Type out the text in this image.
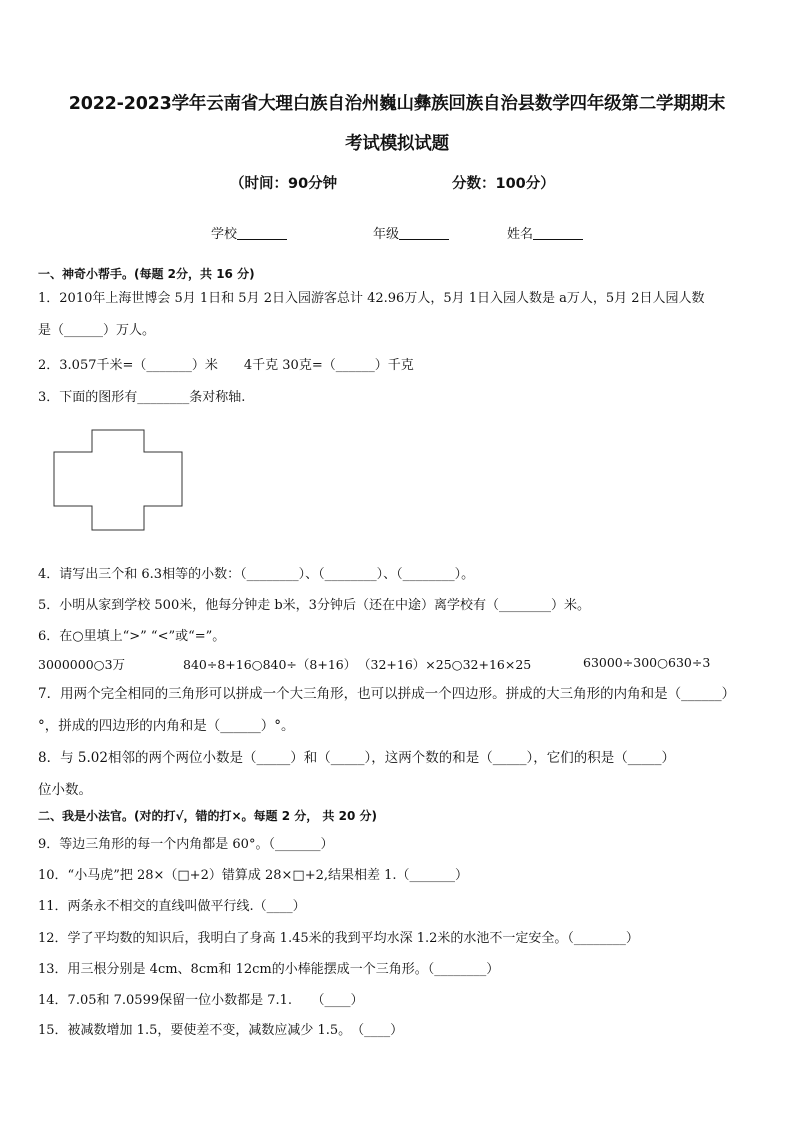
2022-2023学年云南省大理白族自治州巍山彝族回族自治县数学四年级第二学期期末
考试模拟试题
（时间：90分钟	分数：100分）
学校	年级	姓名
一、神奇小帮手。(每题 2分，共 16 分)
1．2010年上海世博会 5月 1日和 5月 2日入园游客总计 42.96万人，5月 1日入园人数是 a万人，5月 2日人园人数
是（______）万人。
2．3.057千米=（_______）米　　4千克 30克=（______）千克
3．下面的图形有________条对称轴.
4．请写出三个和 6.3相等的小数：（________）、（________）、（________）。
5．小明从家到学校 500米，他每分钟走 b米，3分钟后（还在中途）离学校有（________）米。
6．在○里填上“>” “<”或“=”。
3000000○3万	840÷8+16○840÷（8+16） （32+16）×25○32+16×25	63000÷300○630÷3
7．用两个完全相同的三角形可以拼成一个大三角形，也可以拼成一个四边形。拼成的大三角形的内角和是（______）
°，拼成的四边形的内角和是（______）°。
8．与 5.02相邻的两个两位小数是（_____）和（_____），这两个数的和是（_____），它们的积是（_____）
位小数。
二、我是小法官。(对的打√，错的打×。每题 2 分， 共 20 分)
9．等边三角形的每一个内角都是 60°。（_______）
10．“小马虎”把 28×（□+2）错算成 28×□+2,结果相差 1.（_______）
11．两条永不相交的直线叫做平行线.（____）
12．学了平均数的知识后，我明白了身高 1.45米的我到平均水深 1.2米的水池不一定安全。（________）
13．用三根分别是 4cm、8cm和 12cm的小棒能摆成一个三角形。（________）
14．7.05和 7.0599保留一位小数都是 7.1.　　（____）
15．被减数增加 1.5，要使差不变，减数应减少 1.5。　（____）
